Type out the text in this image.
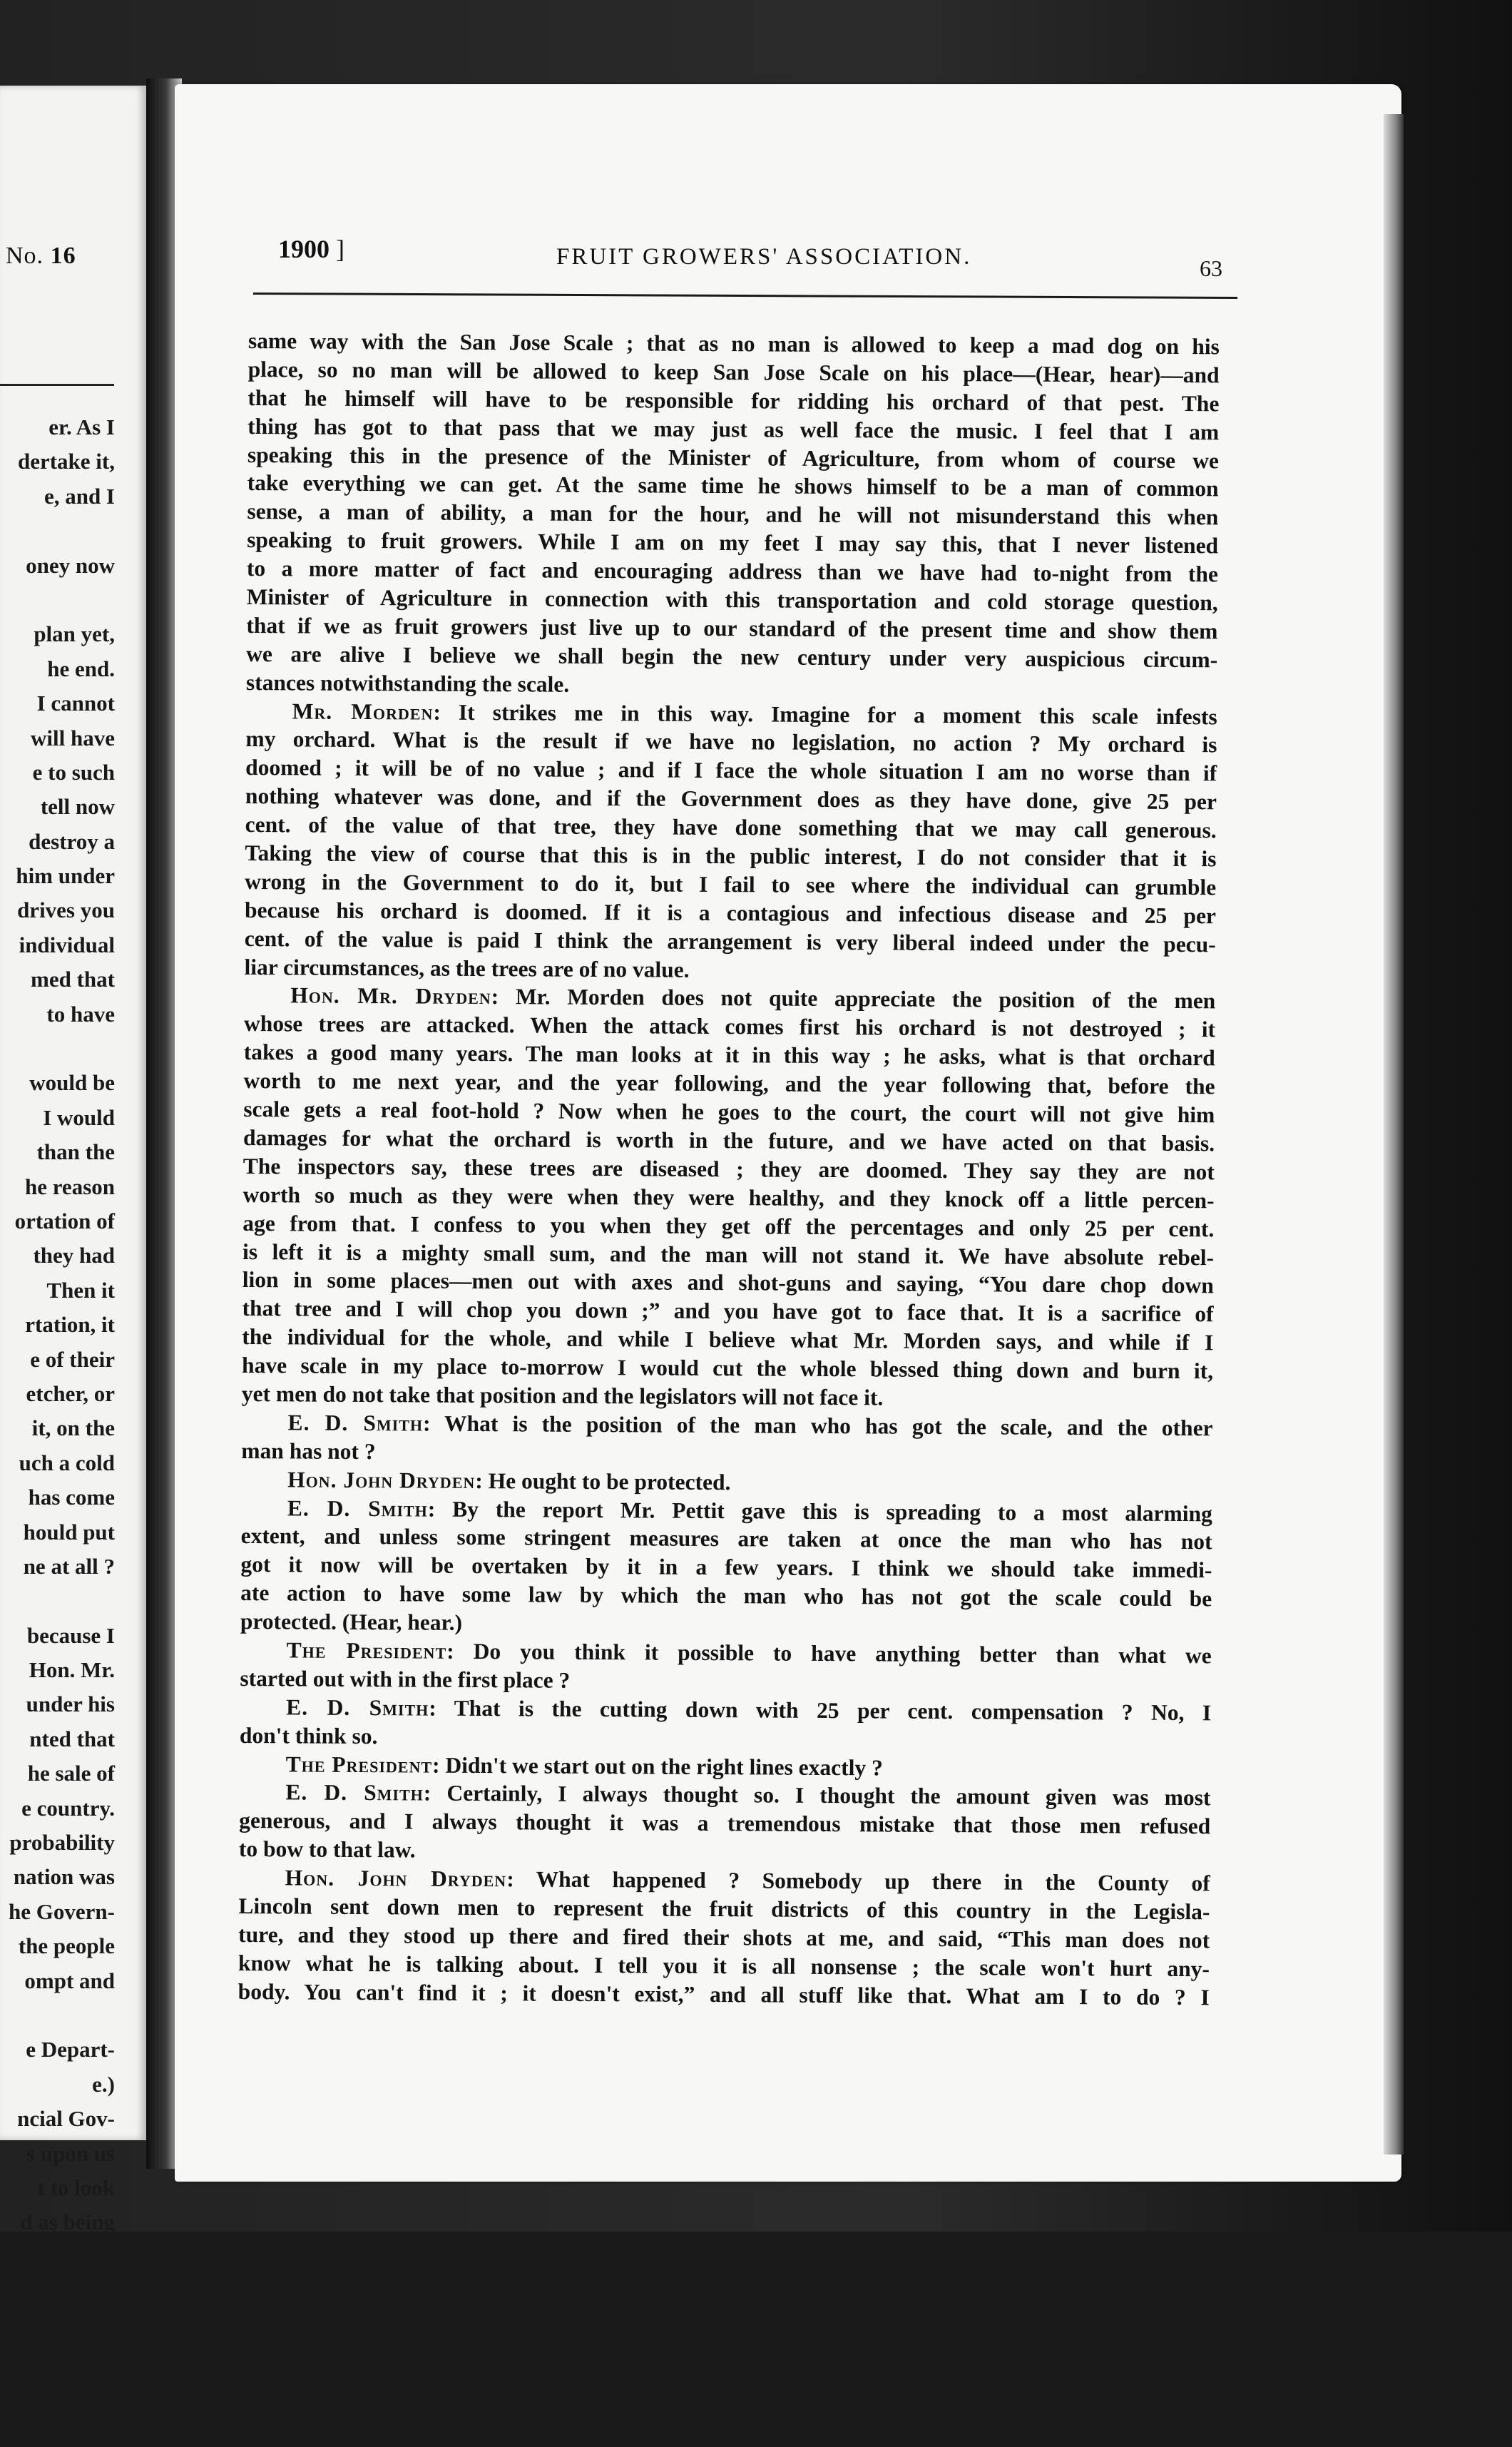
No. 16
er. As I
dertake it,
e, and I

oney now

plan yet,
he end.
I cannot
will have
e to such
tell now
destroy a
him under
drives you
individual
med that
to have

would be
I would
than the
he reason
ortation of
they had
Then it
rtation, it
e of their
etcher, or
it, on the
uch a cold
has come
hould put
ne at all ?

because I
Hon. Mr.
under his
nted that
he sale of
e country.
probability
nation was
he Govern-
the people
ompt and

e Depart-
e.)
ncial Gov-
s upon us
t to look
d as being
t, that we
me in ex-
ke its place
our house,
d have to
xactly the
1900 ]	FRUIT GROWERS' ASSOCIATION.	63
same way with the San Jose Scale ; that as no man is allowed to keep a mad dog on his
place, so no man will be allowed to keep San Jose Scale on his place—(Hear, hear)—and
that he himself will have to be responsible for ridding his orchard of that pest. The
thing has got to that pass that we may just as well face the music. I feel that I am
speaking this in the presence of the Minister of Agriculture, from whom of course we
take everything we can get. At the same time he shows himself to be a man of common
sense, a man of ability, a man for the hour, and he will not misunderstand this when
speaking to fruit growers. While I am on my feet I may say this, that I never listened
to a more matter of fact and encouraging address than we have had to-night from the
Minister of Agriculture in connection with this transportation and cold storage question,
that if we as fruit growers just live up to our standard of the present time and show them
we are alive I believe we shall begin the new century under very auspicious circum-
stances notwithstanding the scale.
Mr. Morden: It strikes me in this way. Imagine for a moment this scale infests
my orchard. What is the result if we have no legislation, no action ? My orchard is
doomed ; it will be of no value ; and if I face the whole situation I am no worse than if
nothing whatever was done, and if the Government does as they have done, give 25 per
cent. of the value of that tree, they have done something that we may call generous.
Taking the view of course that this is in the public interest, I do not consider that it is
wrong in the Government to do it, but I fail to see where the individual can grumble
because his orchard is doomed. If it is a contagious and infectious disease and 25 per
cent. of the value is paid I think the arrangement is very liberal indeed under the pecu-
liar circumstances, as the trees are of no value.
Hon. Mr. Dryden: Mr. Morden does not quite appreciate the position of the men
whose trees are attacked. When the attack comes first his orchard is not destroyed ; it
takes a good many years. The man looks at it in this way ; he asks, what is that orchard
worth to me next year, and the year following, and the year following that, before the
scale gets a real foot-hold ? Now when he goes to the court, the court will not give him
damages for what the orchard is worth in the future, and we have acted on that basis.
The inspectors say, these trees are diseased ; they are doomed. They say they are not
worth so much as they were when they were healthy, and they knock off a little percen-
age from that. I confess to you when they get off the percentages and only 25 per cent.
is left it is a mighty small sum, and the man will not stand it. We have absolute rebel-
lion in some places—men out with axes and shot-guns and saying, “You dare chop down
that tree and I will chop you down ;” and you have got to face that. It is a sacrifice of
the individual for the whole, and while I believe what Mr. Morden says, and while if I
have scale in my place to-morrow I would cut the whole blessed thing down and burn it,
yet men do not take that position and the legislators will not face it.
E. D. Smith: What is the position of the man who has got the scale, and the other
man has not ?
Hon. John Dryden: He ought to be protected.
E. D. Smith: By the report Mr. Pettit gave this is spreading to a most alarming
extent, and unless some stringent measures are taken at once the man who has not
got it now will be overtaken by it in a few years. I think we should take immedi-
ate action to have some law by which the man who has not got the scale could be
protected. (Hear, hear.)
The President: Do you think it possible to have anything better than what we
started out with in the first place ?
E. D. Smith: That is the cutting down with 25 per cent. compensation ? No, I
don't think so.
The President: Didn't we start out on the right lines exactly ?
E. D. Smith: Certainly, I always thought so. I thought the amount given was most
generous, and I always thought it was a tremendous mistake that those men refused
to bow to that law.
Hon. John Dryden: What happened ? Somebody up there in the County of
Lincoln sent down men to represent the fruit districts of this country in the Legisla-
ture, and they stood up there and fired their shots at me, and said, “This man does not
know what he is talking about. I tell you it is all nonsense ; the scale won't hurt any-
body. You can't find it ; it doesn't exist,” and all stuff like that. What am I to do ? I
